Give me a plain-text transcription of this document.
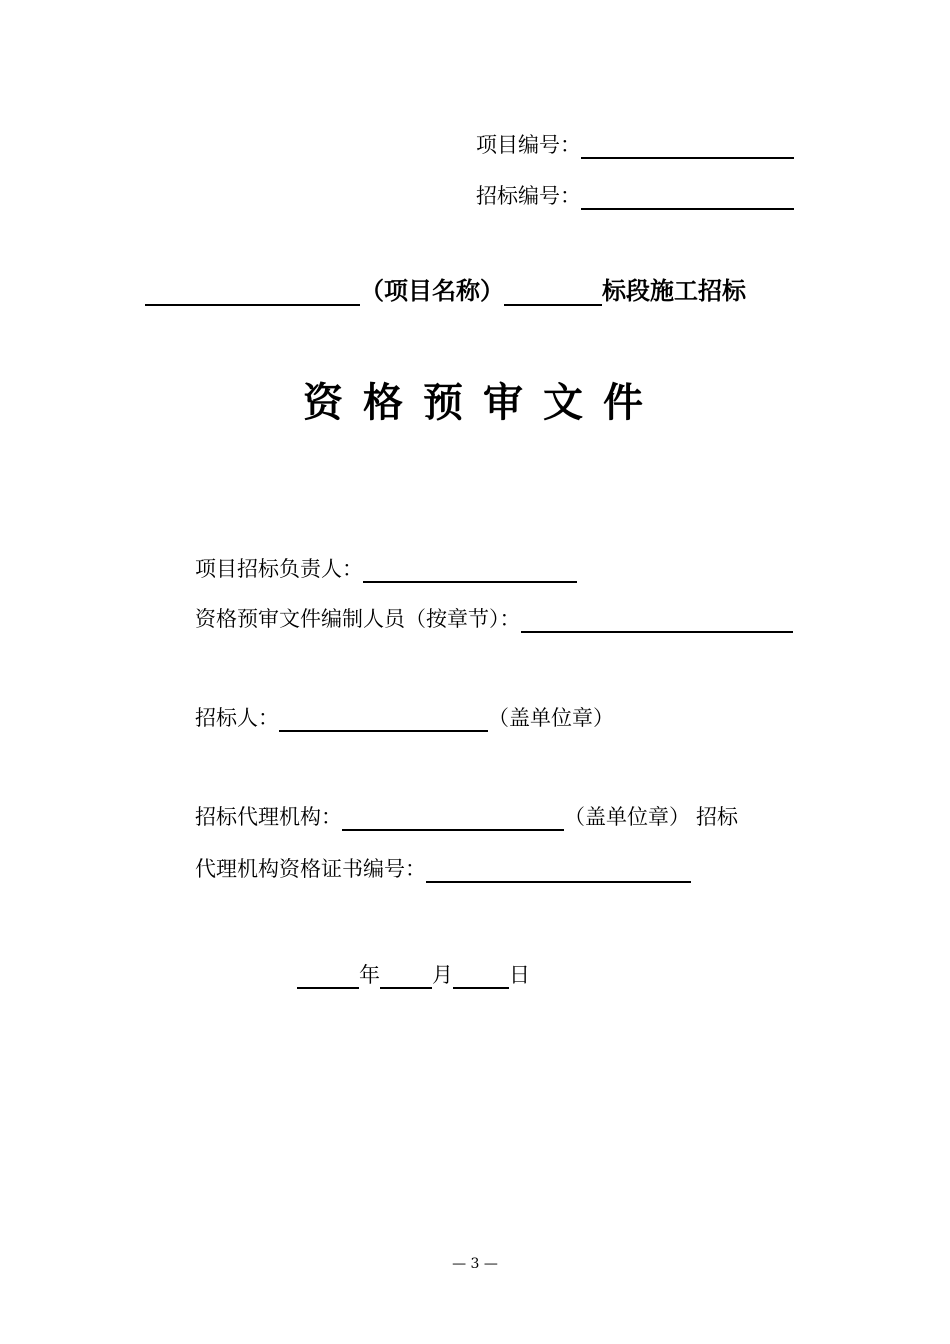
项目编号：
招标编号：
（项目名称）	标段施工招标
资格预审文件
项目招标负责人：
资格预审文件编制人员（按章节）：
招标人：	（盖单位章）
招标代理机构：	（盖单位章） 招标
代理机构资格证书编号：
年 月	日
— 3 —
